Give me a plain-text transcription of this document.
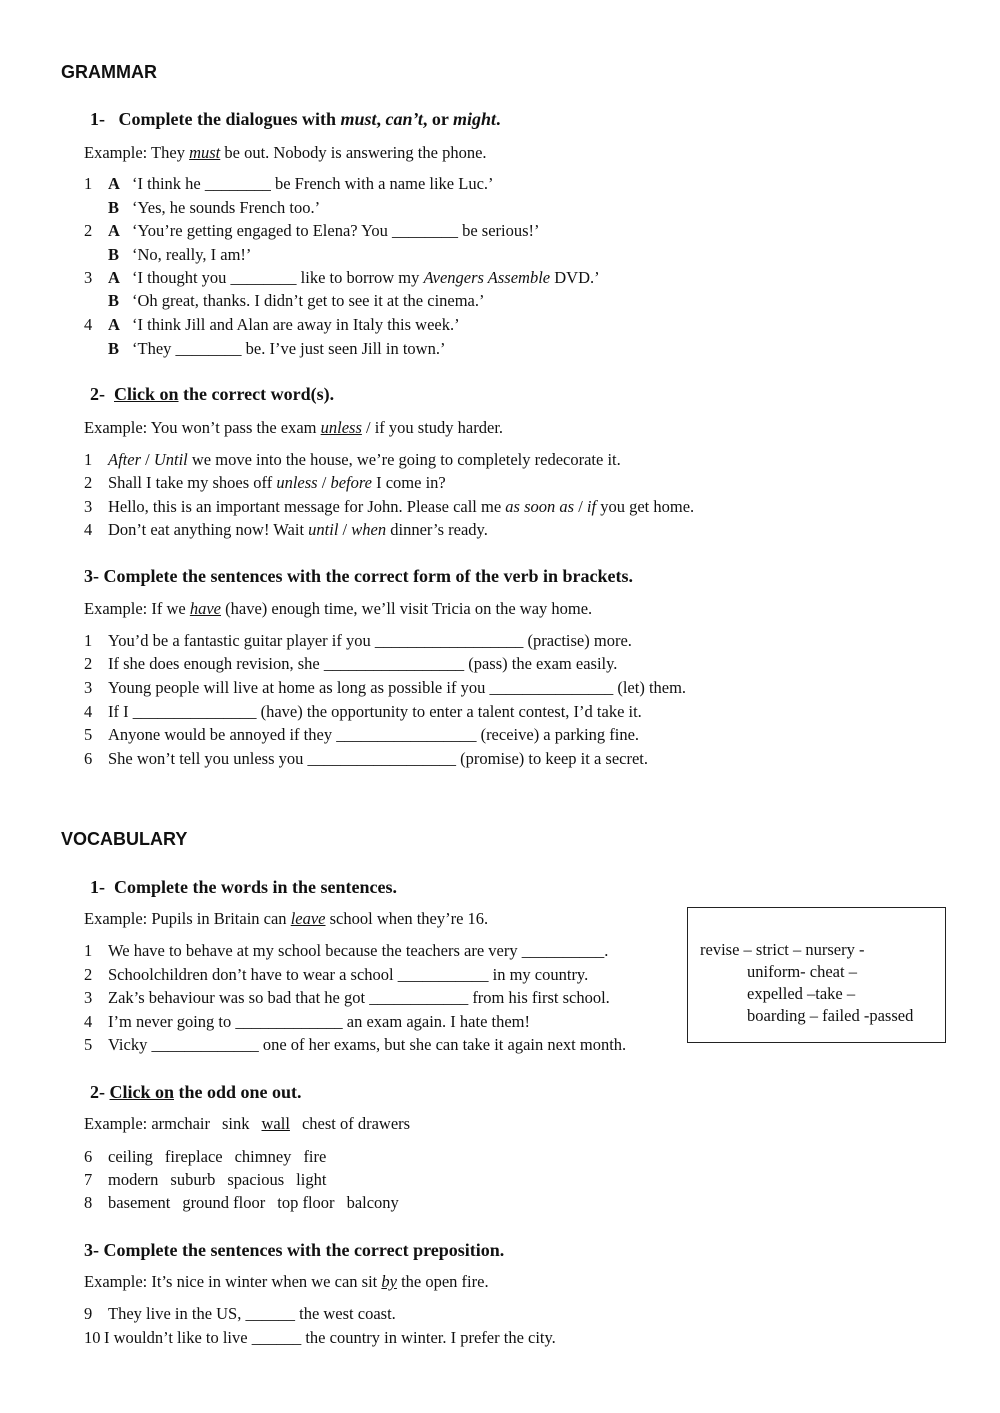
GRAMMAR
1- Complete the dialogues with must, can’t, or might.
Example: They must be out. Nobody is answering the phone.
1 A ‘I think he ________ be French with a name like Luc.’
B ‘Yes, he sounds French too.’
2 A ‘You’re getting engaged to Elena? You ________ be serious!’
B ‘No, really, I am!’
3 A ‘I thought you ________ like to borrow my Avengers Assemble DVD.’
B ‘Oh great, thanks. I didn’t get to see it at the cinema.’
4 A ‘I think Jill and Alan are away in Italy this week.’
B ‘They ________ be. I’ve just seen Jill in town.’
2- Click on the correct word(s).
Example: You won’t pass the exam unless / if you study harder.
1 After / Until we move into the house, we’re going to completely redecorate it.
2 Shall I take my shoes off unless / before I come in?
3 Hello, this is an important message for John. Please call me as soon as / if you get home.
4 Don’t eat anything now! Wait until / when dinner’s ready.
3- Complete the sentences with the correct form of the verb in brackets.
Example: If we have (have) enough time, we’ll visit Tricia on the way home.
1 You’d be a fantastic guitar player if you __________________ (practise) more.
2 If she does enough revision, she _________________ (pass) the exam easily.
3 Young people will live at home as long as possible if you _______________ (let) them.
4 If I _______________ (have) the opportunity to enter a talent contest, I’d take it.
5 Anyone would be annoyed if they _________________ (receive) a parking fine.
6 She won’t tell you unless you __________________ (promise) to keep it a secret.
VOCABULARY
1- Complete the words in the sentences.
Example: Pupils in Britain can leave school when they’re 16.
1 We have to behave at my school because the teachers are very __________.
2 Schoolchildren don’t have to wear a school ___________ in my country.
3 Zak’s behaviour was so bad that he got ____________ from his first school.
4 I’m never going to _____________ an exam again. I hate them!
5 Vicky _____________ one of her exams, but she can take it again next month.
revise – strict – nursery -
uniform- cheat –
expelled –take –
boarding – failed -passed
2- Click on the odd one out.
Example: armchair sink wall chest of drawers
6 ceiling fireplace chimney fire
7 modern suburb spacious light
8 basement ground floor top floor balcony
3- Complete the sentences with the correct preposition.
Example: It’s nice in winter when we can sit by the open fire.
9 They live in the US, ______ the west coast.
10 I wouldn’t like to live ______ the country in winter. I prefer the city.
